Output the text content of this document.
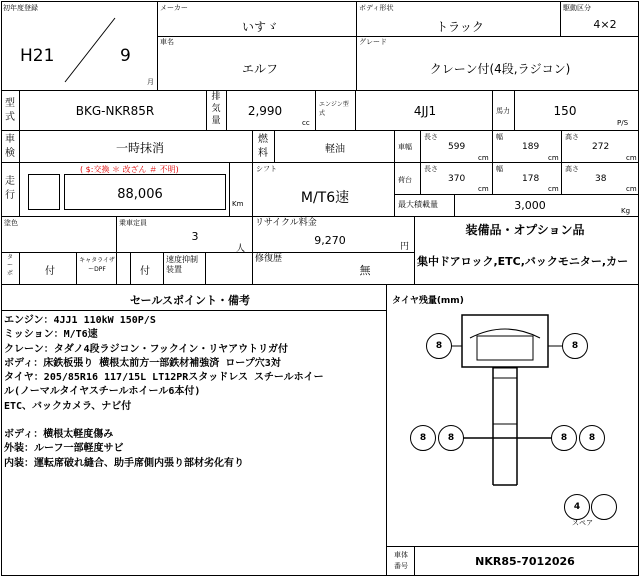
初年度登録
H21	9
月
メーカー
いすゞ
ボディ形状
トラック
駆動区分
4×2
車名
エルフ
グレード
クレーン付(4段,ラジコン)
型式	BKG-NKR85R
排気量
2,990
cc
エンジン型式	4JJ1	馬力	150
P/S
車検	一時抹消
燃料	軽油	車幅
長さ
599
cm
幅
189
cm
高さ
272
cm
走行
( $:交換 ＊ 改ざん ＃ 不明)
88,006
Km
シフト
M/T6速
荷台
長さ
370
cm
幅
178
cm
高さ
38
cm
最大積載量	3,000	Kg
塗色	乗車定員
3
人
リサイクル料金
9,270	円
装備品・オプション品
集中ドアロック,ETC,バックモニター,カー
ターボ	付
キャタライザーDPF	付
速度抑制装置
修復歴
無
セールスポイント・備考
エンジン：4JJ1 110kW 150P/S
ミッション：M/T6速
クレーン：タダノ4段ラジコン・フックイン・リヤアウトリガ付
ボディ：床鉄板張り 横根太前方一部鉄材補強済 ロープ穴3対
タイヤ：205/85R16 117/15L LT12PRスタッドレス スチールホイー
ル(ノーマルタイヤスチールホイール6本付)
ETC、バックカメラ、ナビ付
ボディ：横根太軽度傷み
外装：ルーフ一部軽度サビ
内装：運転席破れ縫合、助手席側内張り部材劣化有り
タイヤ残量(mm)
8	8
8	8	8	8
4
スペア
車体番号	NKR85-7012026
